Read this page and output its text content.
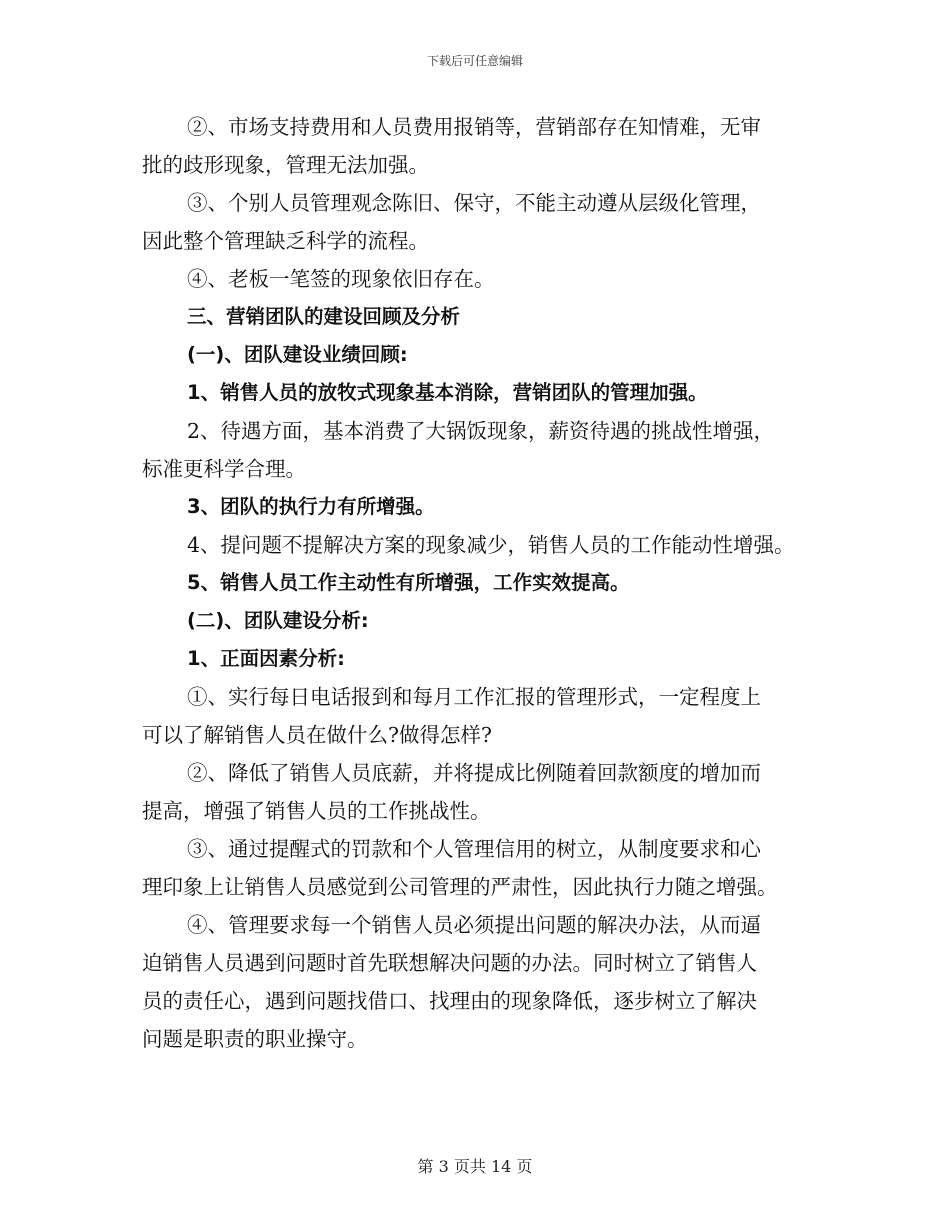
下载后可任意编辑
②、市场支持费用和人员费用报销等，营销部存在知情难，无审
批的歧形现象，管理无法加强。
③、个别人员管理观念陈旧、保守，不能主动遵从层级化管理，
因此整个管理缺乏科学的流程。
④、老板一笔签的现象依旧存在。
三、营销团队的建设回顾及分析
(一)、团队建设业绩回顾:
1、销售人员的放牧式现象基本消除，营销团队的管理加强。
2、待遇方面，基本消费了大锅饭现象，薪资待遇的挑战性增强，
标准更科学合理。
3、团队的执行力有所增强。
4、提问题不提解决方案的现象减少，销售人员的工作能动性增强。
5、销售人员工作主动性有所增强，工作实效提高。
(二)、团队建设分析:
1、正面因素分析:
①、实行每日电话报到和每月工作汇报的管理形式，一定程度上
可以了解销售人员在做什么?做得怎样?
②、降低了销售人员底薪，并将提成比例随着回款额度的增加而
提高，增强了销售人员的工作挑战性。
③、通过提醒式的罚款和个人管理信用的树立，从制度要求和心
理印象上让销售人员感觉到公司管理的严肃性，因此执行力随之增强。
④、管理要求每一个销售人员必须提出问题的解决办法，从而逼
迫销售人员遇到问题时首先联想解决问题的办法。同时树立了销售人
员的责任心，遇到问题找借口、找理由的现象降低，逐步树立了解决
问题是职责的职业操守。
第 3 页共 14 页
